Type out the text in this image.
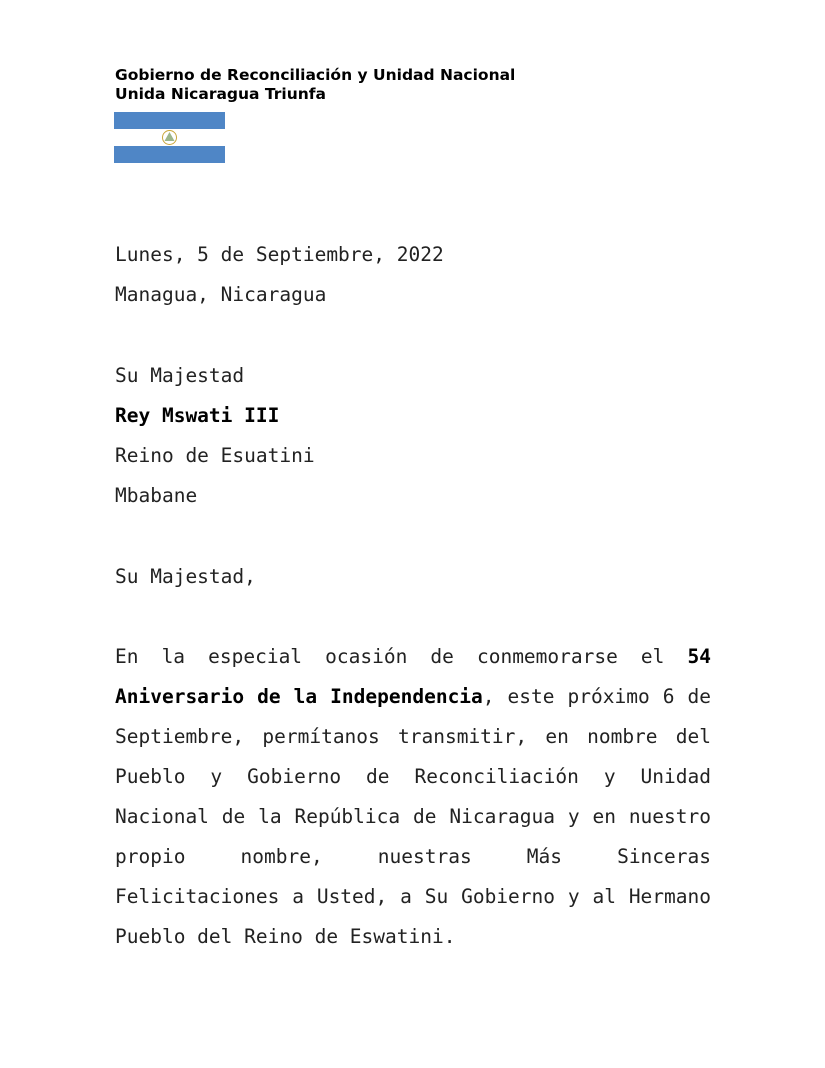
Gobierno de Reconciliación y Unidad Nacional
Unida Nicaragua Triunfa
Lunes, 5 de Septiembre, 2022
Managua, Nicaragua
Su Majestad
Rey Mswati III
Reino de Esuatini
Mbabane
Su Majestad,
En la especial ocasión de conmemorarse el 54 Aniversario de la Independencia, este próximo 6 de Septiembre, permítanos transmitir, en nombre del Pueblo y Gobierno de Reconciliación y Unidad Nacional de la República de Nicaragua y en nuestro propio nombre, nuestras Más Sinceras Felicitaciones a Usted, a Su Gobierno y al Hermano Pueblo del Reino de Eswatini.
